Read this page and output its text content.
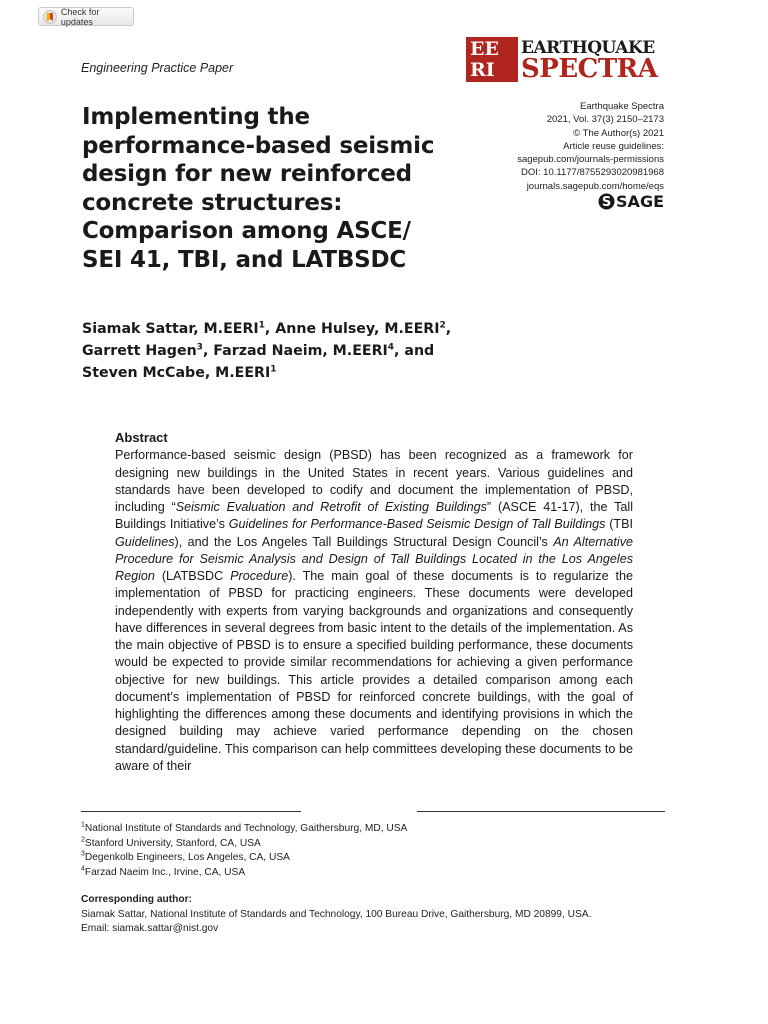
Check for updates
Engineering Practice Paper
EE
RI
EARTHQUAKE
SPECTRA
Implementing the performance-based seismic design for new reinforced concrete structures: Comparison among ASCE/ SEI 41, TBI, and LATBSDC
Earthquake Spectra
2021, Vol. 37(3) 2150–2173
© The Author(s) 2021
Article reuse guidelines:
sagepub.com/journals-permissions
DOI: 10.1177/8755293020981968
journals.sagepub.com/home/eqs
S SAGE
Siamak Sattar, M.EERI$^1$, Anne Hulsey, M.EERI$^2$,
Garrett Hagen$^3$, Farzad Naeim, M.EERI$^4$, and
Steven McCabe, M.EERI$^1$
Abstract
Performance-based seismic design (PBSD) has been recognized as a framework for designing new buildings in the United States in recent years. Various guidelines and standards have been developed to codify and document the implementation of PBSD, including “Seismic Evaluation and Retrofit of Existing Buildings” (ASCE 41-17), the Tall Buildings Initiative’s Guidelines for Performance-Based Seismic Design of Tall Buildings (TBI Guidelines), and the Los Angeles Tall Buildings Structural Design Council’s An Alternative Procedure for Seismic Analysis and Design of Tall Buildings Located in the Los Angeles Region (LATBSDC Procedure). The main goal of these documents is to regularize the implementation of PBSD for practicing engineers. These documents were developed independently with experts from varying backgrounds and organizations and consequently have differences in several degrees from basic intent to the details of the implementation. As the main objective of PBSD is to ensure a specified building performance, these documents would be expected to provide similar recommendations for achieving a given performance objective for new buildings. This article provides a detailed comparison among each document’s implementation of PBSD for reinforced concrete buildings, with the goal of highlighting the differences among these documents and identifying provisions in which the designed building may achieve varied performance depending on the chosen standard/guideline. This comparison can help committees developing these documents to be aware of their
$^1$National Institute of Standards and Technology, Gaithersburg, MD, USA
$^2$Stanford University, Stanford, CA, USA
$^3$Degenkolb Engineers, Los Angeles, CA, USA
$^4$Farzad Naeim Inc., Irvine, CA, USA
Corresponding author:
Siamak Sattar, National Institute of Standards and Technology, 100 Bureau Drive, Gaithersburg, MD 20899, USA.
Email: siamak.sattar@nist.gov
